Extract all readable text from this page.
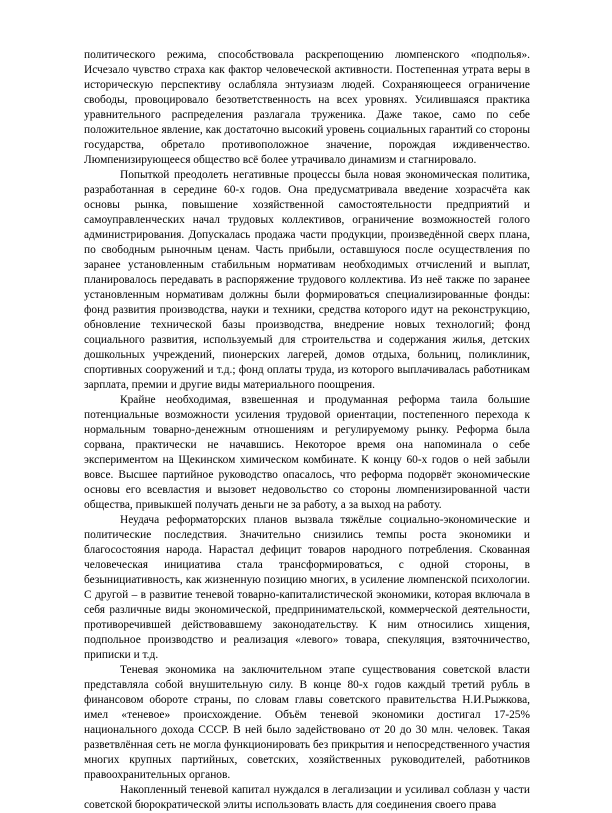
политического режима, способствовала раскрепощению люмпенского «подполья». Исчезало чувство страха как фактор человеческой активности. Постепенная утрата веры в историческую перспективу ослабляла энтузиазм людей. Сохраняющееся ограничение свободы, провоцировало безответственность на всех уровнях. Усилившаяся практика уравнительного распределения разлагала труженика. Даже такое, само по себе положительное явление, как достаточно высокий уровень социальных гарантий со стороны государства, обретало противоположное значение, порождая иждивенчество. Люмпенизирующееся общество всё более утрачивало динамизм и стагнировало.

Попыткой преодолеть негативные процессы была новая экономическая политика, разработанная в середине 60-х годов. Она предусматривала введение хозрасчёта как основы рынка, повышение хозяйственной самостоятельности предприятий и самоуправленческих начал трудовых коллективов, ограничение возможностей голого администрирования. Допускалась продажа части продукции, произведённой сверх плана, по свободным рыночным ценам. Часть прибыли, оставшуюся после осуществления по заранее установленным стабильным нормативам необходимых отчислений и выплат, планировалось передавать в распоряжение трудового коллектива. Из неё также по заранее установленным нормативам должны были формироваться специализированные фонды: фонд развития производства, науки и техники, средства которого идут на реконструкцию, обновление технической базы производства, внедрение новых технологий; фонд социального развития, используемый для строительства и содержания жилья, детских дошкольных учреждений, пионерских лагерей, домов отдыха, больниц, поликлиник, спортивных сооружений и т.д.; фонд оплаты труда, из которого выплачивалась работникам зарплата, премии и другие виды материального поощрения.

Крайне необходимая, взвешенная и продуманная реформа таила большие потенциальные возможности усиления трудовой ориентации, постепенного перехода к нормальным товарно-денежным отношениям и регулируемому рынку. Реформа была сорвана, практически не начавшись. Некоторое время она напоминала о себе экспериментом на Щекинском химическом комбинате. К концу 60-х годов о ней забыли вовсе. Высшее партийное руководство опасалось, что реформа подорвёт экономические основы его всевластия и вызовет недовольство со стороны люмпенизированной части общества, привыкшей получать деньги не за работу, а за выход на работу.

Неудача реформаторских планов вызвала тяжёлые социально-экономические и политические последствия. Значительно снизились темпы роста экономики и благосостояния народа. Нарастал дефицит товаров народного потребления. Скованная человеческая инициатива стала трансформироваться, с одной стороны, в безынициативность, как жизненную позицию многих, в усиление люмпенской психологии. С другой – в развитие теневой товарно-капиталистической экономики, которая включала в себя различные виды экономической, предпринимательской, коммерческой деятельности, противоречившей действовавшему законодательству. К ним относились хищения, подпольное производство и реализация «левого» товара, спекуляция, взяточничество, приписки и т.д.

Теневая экономика на заключительном этапе существования советской власти представляла собой внушительную силу. В конце 80-х годов каждый третий рубль в финансовом обороте страны, по словам главы советского правительства Н.И.Рыжкова, имел «теневое» происхождение. Объём теневой экономики достигал 17-25% национального дохода СССР. В ней было задействовано от 20 до 30 млн. человек. Такая разветвлённая сеть не могла функционировать без прикрытия и непосредственного участия многих крупных партийных, советских, хозяйственных руководителей, работников правоохранительных органов.

Накопленный теневой капитал нуждался в легализации и усиливал соблазн у части советской бюрократической элиты использовать власть для соединения своего права
